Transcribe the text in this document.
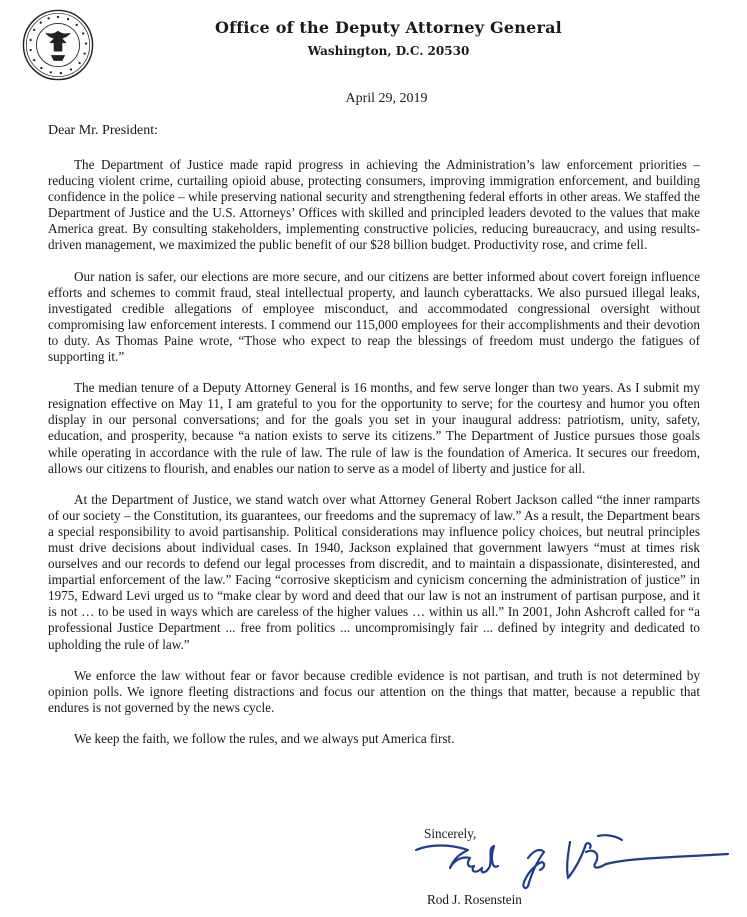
Office of the Deputy Attorney General
Washington, D.C. 20530
April 29, 2019
Dear Mr. President:

The Department of Justice made rapid progress in achieving the Administration’s law enforcement priorities – reducing violent crime, curtailing opioid abuse, protecting consumers, improving immigration enforcement, and building confidence in the police – while preserving national security and strengthening federal efforts in other areas. We staffed the Department of Justice and the U.S. Attorneys’ Offices with skilled and principled leaders devoted to the values that make America great. By consulting stakeholders, implementing constructive policies, reducing bureaucracy, and using results-driven management, we maximized the public benefit of our $28 billion budget. Productivity rose, and crime fell.

Our nation is safer, our elections are more secure, and our citizens are better informed about covert foreign influence efforts and schemes to commit fraud, steal intellectual property, and launch cyberattacks. We also pursued illegal leaks, investigated credible allegations of employee misconduct, and accommodated congressional oversight without compromising law enforcement interests. I commend our 115,000 employees for their accomplishments and their devotion to duty. As Thomas Paine wrote, “Those who expect to reap the blessings of freedom must undergo the fatigues of supporting it.”

The median tenure of a Deputy Attorney General is 16 months, and few serve longer than two years. As I submit my resignation effective on May 11, I am grateful to you for the opportunity to serve; for the courtesy and humor you often display in our personal conversations; and for the goals you set in your inaugural address: patriotism, unity, safety, education, and prosperity, because “a nation exists to serve its citizens.” The Department of Justice pursues those goals while operating in accordance with the rule of law. The rule of law is the foundation of America. It secures our freedom, allows our citizens to flourish, and enables our nation to serve as a model of liberty and justice for all.

At the Department of Justice, we stand watch over what Attorney General Robert Jackson called “the inner ramparts of our society – the Constitution, its guarantees, our freedoms and the supremacy of law.” As a result, the Department bears a special responsibility to avoid partisanship. Political considerations may influence policy choices, but neutral principles must drive decisions about individual cases. In 1940, Jackson explained that government lawyers “must at times risk ourselves and our records to defend our legal processes from discredit, and to maintain a dispassionate, disinterested, and impartial enforcement of the law.” Facing “corrosive skepticism and cynicism concerning the administration of justice” in 1975, Edward Levi urged us to “make clear by word and deed that our law is not an instrument of partisan purpose, and it is not … to be used in ways which are careless of the higher values … within us all.” In 2001, John Ashcroft called for “a professional Justice Department ... free from politics ... uncompromisingly fair ... defined by integrity and dedicated to upholding the rule of law.”

We enforce the law without fear or favor because credible evidence is not partisan, and truth is not determined by opinion polls. We ignore fleeting distractions and focus our attention on the things that matter, because a republic that endures is not governed by the news cycle.

We keep the faith, we follow the rules, and we always put America first.

Sincerely,
Rod J. Rosenstein
